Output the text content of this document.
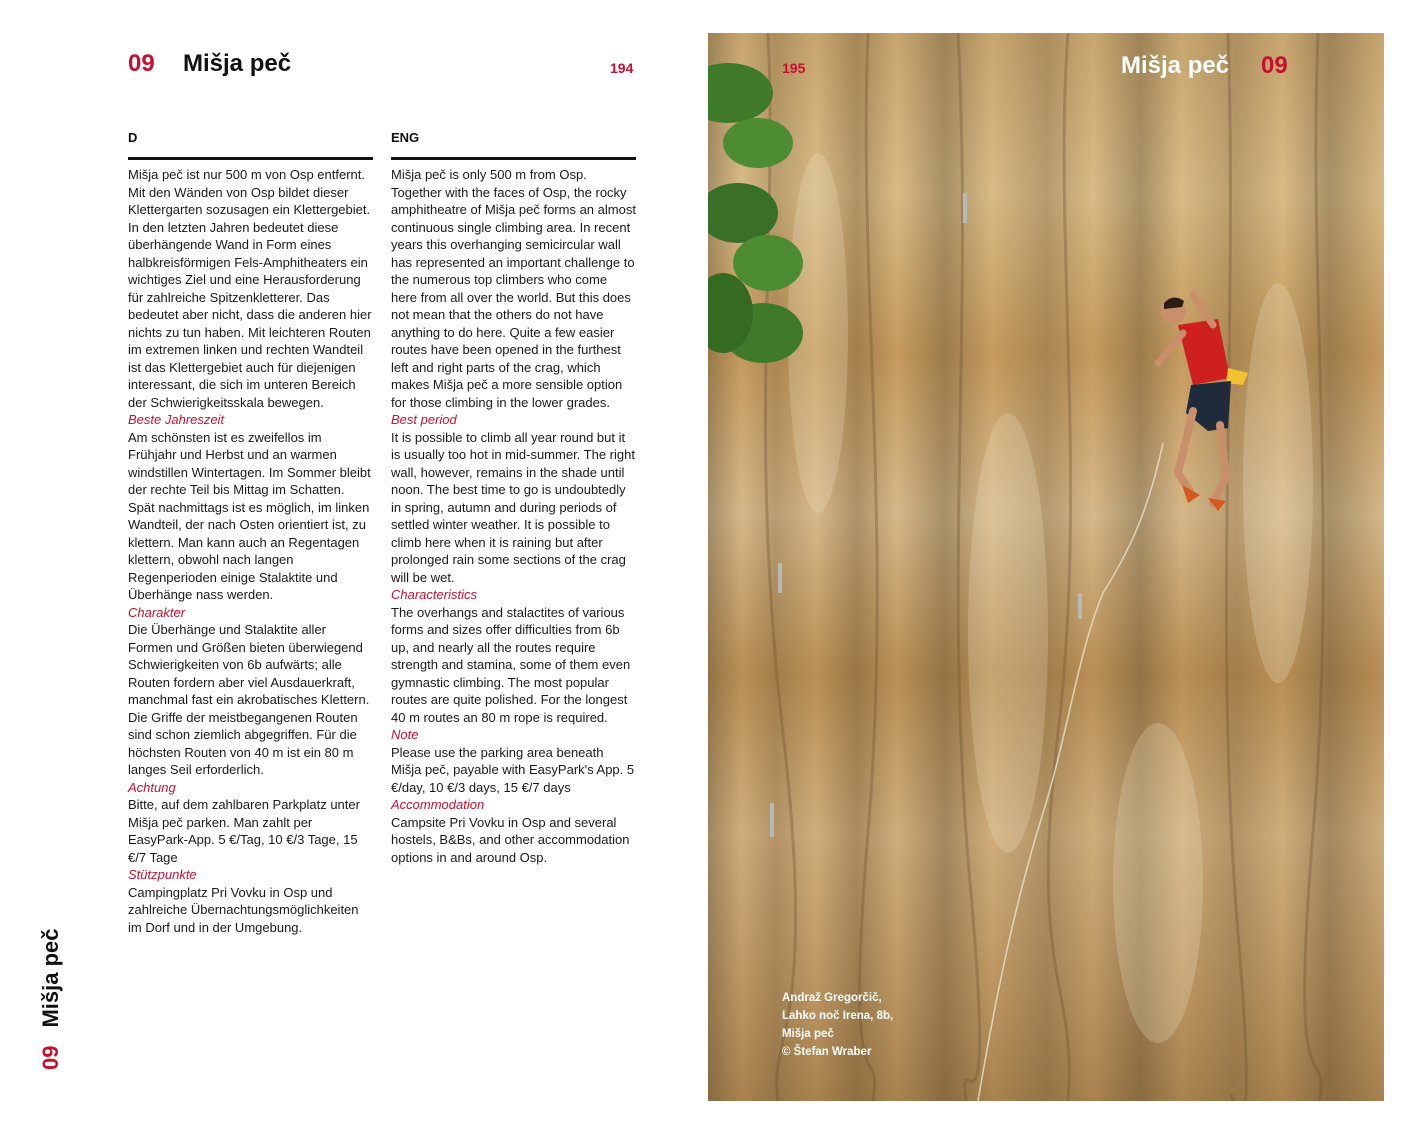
09 Mišja peč	194
D

Mišja peč ist nur 500 m von Osp entfernt. Mit den Wänden von Osp bildet dieser Klettergarten sozusagen ein Klettergebiet. In den letzten Jahren bedeutet diese überhängende Wand in Form eines halbkreisförmigen Fels-Amphitheaters ein wichtiges Ziel und eine Herausforderung für zahlreiche Spitzenkletterer. Das bedeutet aber nicht, dass die anderen hier nichts zu tun haben. Mit leichteren Routen im extremen linken und rechten Wandteil ist das Klettergebiet auch für diejenigen interessant, die sich im unteren Bereich der Schwierigkeitsskala bewegen.

Beste Jahreszeit

Am schönsten ist es zweifellos im Frühjahr und Herbst und an warmen windstillen Wintertagen. Im Sommer bleibt der rechte Teil bis Mittag im Schatten. Spät nachmittags ist es möglich, im linken Wandteil, der nach Osten orientiert ist, zu klettern. Man kann auch an Regentagen klettern, obwohl nach langen Regenperioden einige Stalaktite und Überhänge nass werden.

Charakter

Die Überhänge und Stalaktite aller Formen und Größen bieten überwiegend Schwierigkeiten von 6b aufwärts; alle Routen fordern aber viel Ausdauerkraft, manchmal fast ein akrobatisches Klettern. Die Griffe der meistbegangenen Routen sind schon ziemlich abgegriffen. Für die höchsten Routen von 40 m ist ein 80 m langes Seil erforderlich.

Achtung

Bitte, auf dem zahlbaren Parkplatz unter Mišja peč parken. Man zahlt per EasyPark-App. 5 €/Tag, 10 €/3 Tage, 15 €/7 Tage

Stützpunkte

Campingplatz Pri Vovku in Osp und zahlreiche Übernachtungsmöglichkeiten im Dorf und in der Umgebung.

ENG

Mišja peč is only 500 m from Osp. Together with the faces of Osp, the rocky amphitheatre of Mišja peč forms an almost continuous single climbing area. In recent years this overhanging semicircular wall has represented an important challenge to the numerous top climbers who come here from all over the world. But this does not mean that the others do not have anything to do here. Quite a few easier routes have been opened in the furthest left and right parts of the crag, which makes Mišja peč a more sensible option for those climbing in the lower grades.

Best period

It is possible to climb all year round but it is usually too hot in mid-summer. The right wall, however, remains in the shade until noon. The best time to go is undoubtedly in spring, autumn and during periods of settled winter weather. It is possible to climb here when it is raining but after prolonged rain some sections of the crag will be wet.

Characteristics

The overhangs and stalactites of various forms and sizes offer difficulties from 6b up, and nearly all the routes require strength and stamina, some of them even gymnastic climbing. The most popular routes are quite polished. For the longest 40 m routes an 80 m rope is required.

Note

Please use the parking area beneath Mišja peč, payable with EasyPark's App. 5 €/day, 10 €/3 days, 15 €/7 days

Accommodation

Campsite Pri Vovku in Osp and several hostels, B&Bs, and other accommodation options in and around Osp.

09Mišja peč
195	Mišja peč 09
Andraž Gregorčič,
Lahko noč Irena, 8b,
Mišja peč
© Štefan Wraber
